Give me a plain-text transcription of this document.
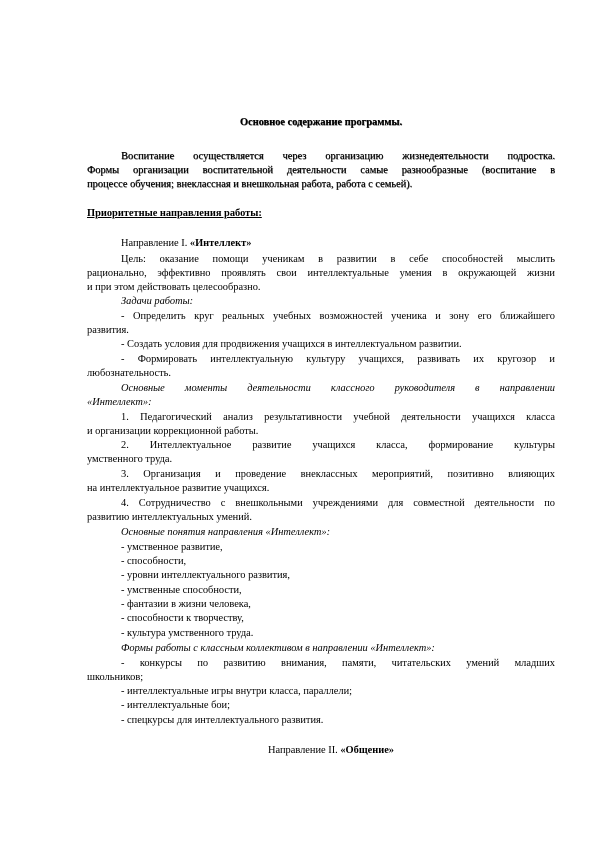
Основное содержание программы.
Воспитание осуществляется через организацию жизнедеятельности подростка.
Формы организации воспитательной деятельности самые разнообразные (воспитание в
процессе обучения; внеклассная и внешкольная работа, работа с семьей).
Приоритетные направления работы:
Направление I. «Интеллект»
Цель: оказание помощи ученикам в развитии в себе способностей мыслить
рационально, эффективно проявлять свои интеллектуальные умения в окружающей жизни
и при этом действовать целесообразно.
Задачи работы:
- Определить круг реальных учебных возможностей ученика и зону его ближайшего
развития.
- Создать условия для продвижения учащихся в интеллектуальном развитии.
- Формировать интеллектуальную культуру учащихся, развивать их кругозор и
любознательность.
Основные моменты деятельности классного руководителя в направлении
«Интеллект»:
1. Педагогический анализ результативности учебной деятельности учащихся класса
и организации коррекционной работы.
2. Интеллектуальное развитие учащихся класса, формирование культуры
умственного труда.
3. Организация и проведение внеклассных мероприятий, позитивно влияющих
на интеллектуальное развитие учащихся.
4. Сотрудничество с внешкольными учреждениями для совместной деятельности по
развитию интеллектуальных умений.
Основные понятия направления «Интеллект»:
- умственное развитие,
- способности,
- уровни интеллектуального развития,
- умственные способности,
- фантазии в жизни человека,
- способности к творчеству,
- культура умственного труда.
Формы работы с классным коллективом в направлении «Интеллект»:
- конкурсы по развитию внимания, памяти, читательских умений младших
школьников;
- интеллектуальные игры внутри класса, параллели;
- интеллектуальные бои;
- спецкурсы для интеллектуального развития.
Направление II. «Общение»
